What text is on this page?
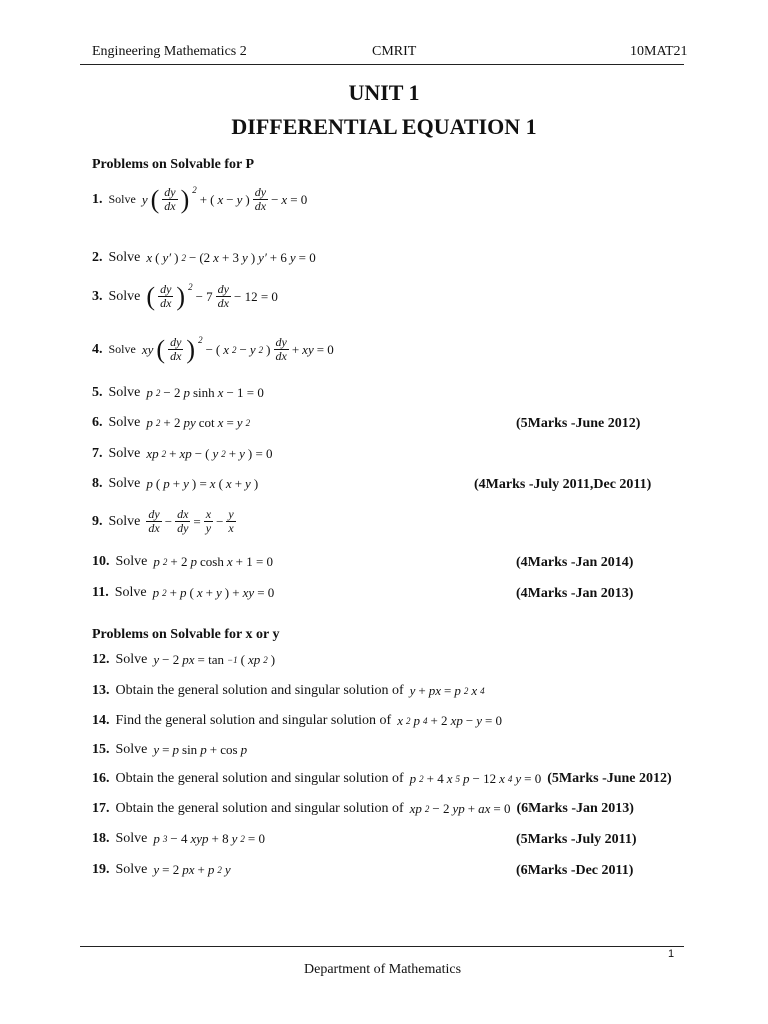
Engineering Mathematics 2	CMRIT	10MAT21
UNIT 1
DIFFERENTIAL EQUATION 1
Problems on Solvable for P
1. Solve y ( $\frac{dy}{dx}$ ) $^2$
+ ( x − y ) $\frac{dy}{dx} - x = 0$
2. Solve x ( y′ ) 2 − (2 x + 3 y ) y′ + 6 y = 0
3. Solve ( $\frac{dy}{dx}$ ) $^2$
− $7 \frac{dy}{dx} - 12 = 0$
4. Solve xy ( $\frac{dy}{dx}$ ) $^2$
− ( x 2 − y 2 ) $\frac{dy}{dx}$ + xy = 0
5. Solve p 2 − 2 p sinh x − 1 = 0
6. Solve p 2 + 2 py cot x = y 2	(5Marks -June 2012)
7. Solve xp 2 + xp − ( y 2 + y ) = 0
8. Solve p ( p + y ) = x ( x + y )	(4Marks -July 2011,Dec 2011)
9. Solve $\frac{dy}{dx} - \frac{dx}{dy} = \frac{x}{y} - \frac{y}{x}$
10. Solve p 2 + 2 p cosh x + 1 = 0	(4Marks -Jan 2014)
11. Solve p 2 + p ( x + y ) + xy = 0	(4Marks -Jan 2013)
Problems on Solvable for x or y
12. Solve y − 2 px = tan −1 ( xp 2 )
13. Obtain the general solution and singular solution of y + px = p 2 x 4
14. Find the general solution and singular solution of x 2 p 4 + 2 xp − y = 0
15. Solve y = p sin p + cos p
16. Obtain the general solution and singular solution of p 2 + 4 x 5 p − 12 x 4 y = 0 (5Marks -June 2012)
17. Obtain the general solution and singular solution of xp 2 − 2 yp + ax = 0 (6Marks -Jan 2013)
18. Solve p 3 − 4 xyp + 8 y 2 = 0	(5Marks -July 2011)
19. Solve y = 2 px + p 2 y	(6Marks -Dec 2011)
1
Department of Mathematics
